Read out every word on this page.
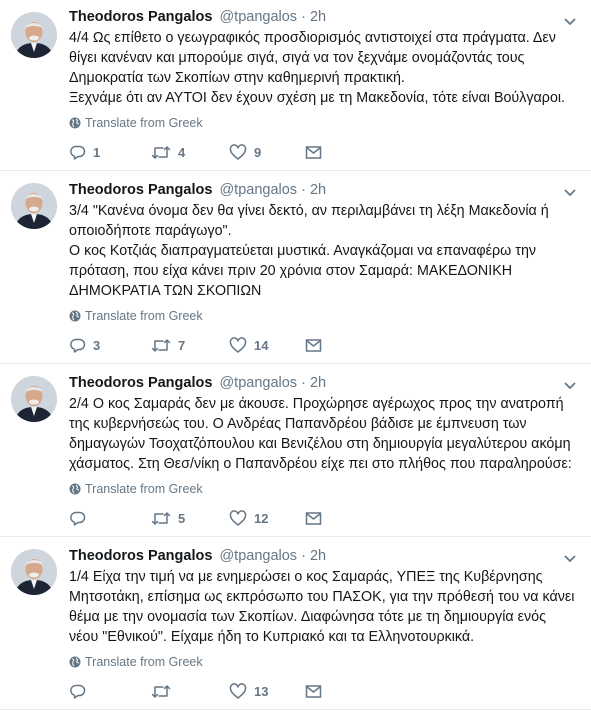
Theodoros Pangalos @tpangalos · 2h

4/4 Ως επίθετο ο γεωγραφικός προσδιορισμός αντιστοιχεί στα πράγματα. Δεν θίγει κανέναν και μπορούμε σιγά, σιγά να τον ξεχνάμε ονομάζοντάς τους Δημοκρατία των Σκοπίων στην καθημερινή πρακτική.

Ξεχνάμε ότι αν ΑΥΤΟΙ δεν έχουν σχέση με τη Μακεδονία, τότε είναι Βούλγαροι.

Translate from Greek
1	4	9
Theodoros Pangalos @tpangalos · 2h

3/4 "Κανένα όνομα δεν θα γίνει δεκτό, αν περιλαμβάνει τη λέξη Μακεδονία ή οποιοδήποτε παράγωγο".

Ο κος Κοτζιάς διαπραγματεύεται μυστικά. Αναγκάζομαι να επαναφέρω την πρόταση, που είχα κάνει πριν 20 χρόνια στον Σαμαρά: ΜΑΚΕΔΟΝΙΚΗ ΔΗΜΟΚΡΑΤΙΑ ΤΩΝ ΣΚΟΠΙΩΝ

Translate from Greek
3	7	14
Theodoros Pangalos @tpangalos · 2h

2/4 Ο κος Σαμαράς δεν με άκουσε. Προχώρησε αγέρωχος προς την ανατροπή της κυβερνήσεώς του. Ο Ανδρέας Παπανδρέου βάδισε με έμπνευση των δημαγωγών Τσοχατζόπουλου και Βενιζέλου στη δημιουργία μεγαλύτερου ακόμη χάσματος. Στη Θεσ/νίκη ο Παπανδρέου είχε πει στο πλήθος που παραληρούσε:

Translate from Greek
5	12
Theodoros Pangalos @tpangalos · 2h

1/4 Είχα την τιμή να με ενημερώσει ο κος Σαμαράς, ΥΠΕΞ της Κυβέρνησης Μητσοτάκη, επίσημα ως εκπρόσωπο του ΠΑΣΟΚ, για την πρόθεσή του να κάνει θέμα με την ονομασία των Σκοπίων. Διαφώνησα τότε με τη δημιουργία ενός νέου "Εθνικού". Είχαμε ήδη το Κυπριακό και τα Ελληνοτουρκικά.

Translate from Greek
13
